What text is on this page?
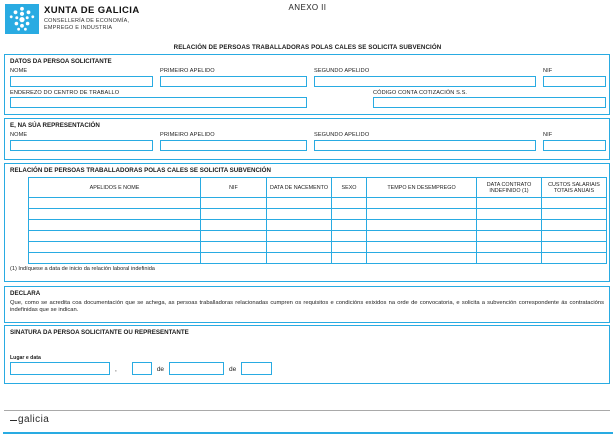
XUNTA DE GALICIA
CONSELLERÍA DE ECONOMÍA,
EMPREGO E INDUSTRIA
ANEXO II
RELACIÓN DE PERSOAS TRABALLADORAS POLAS CALES SE SOLICITA SUBVENCIÓN
DATOS DA PERSOA SOLICITANTE
NOME	PRIMEIRO APELIDO	SEGUNDO APELIDO	NIF
ENDEREZO DO CENTRO DE TRABALLO	CÓDIGO CONTA COTIZACIÓN S.S.
E, NA SÚA REPRESENTACIÓN
NOME	PRIMEIRO APELIDO	SEGUNDO APELIDO	NIF
RELACIÓN DE PERSOAS TRABALLADORAS POLAS CALES SE SOLICITA SUBVENCIÓN
APELIDOS E NOME	NIF	DATA DE NACEMENTO	SEXO	TEMPO EN DESEMPREGO	DATA CONTRATO INDEFINIDO (1)	CUSTOS SALARIAIS TOTAIS ANUAIS

(1) Indíquese a data de inicio da relación laboral indefinida
DECLARA
Que, como se acredita coa documentación que se achega, as persoas traballadoras relacionadas cumpren os requisitos e condicións exixidos na orde de convocatoria, e solicita a subvención correspondente ás contratacións indefinidas que se indican.
SINATURA DA PERSOA SOLICITANTE OU REPRESENTANTE
Lugar e data
,	de	de
galicia
